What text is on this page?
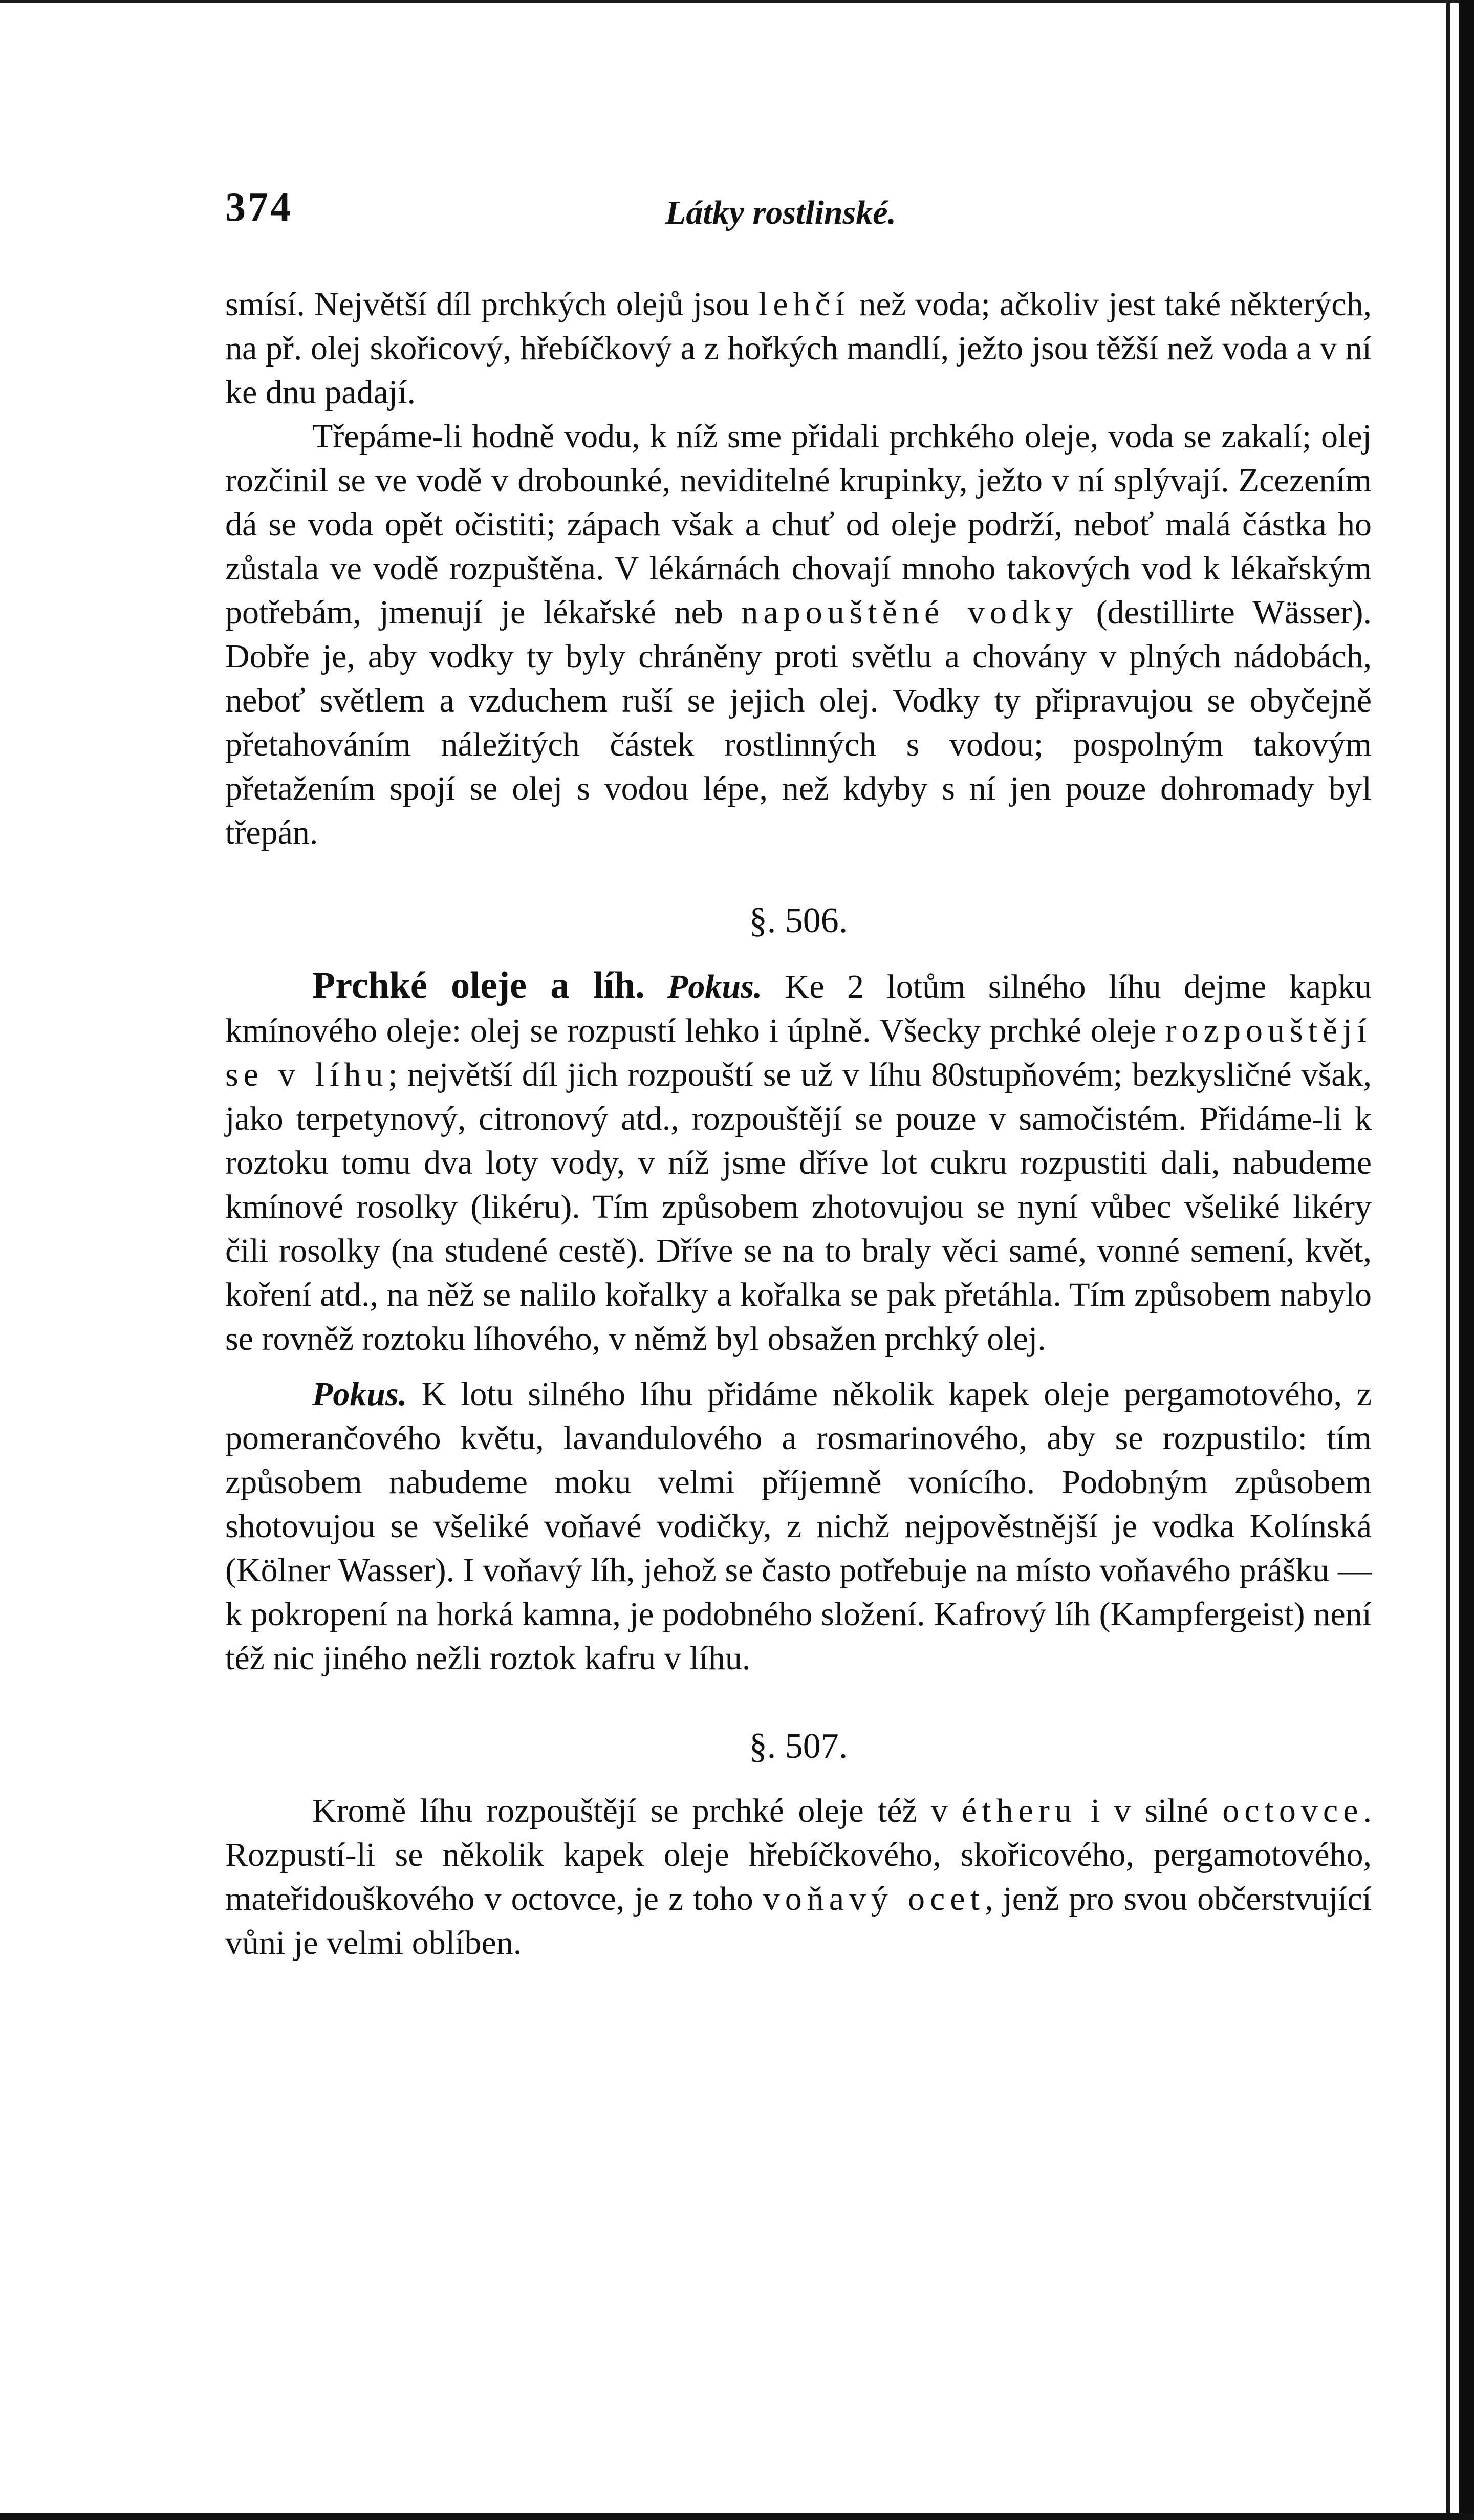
374	Látky rostlinské.

smísí. Největší díl prchkých olejů jsou lehčí než voda; ačkoliv jest také některých, na př. olej skořicový, hřebíčkový a z hořkých mandlí, ježto jsou těžší než voda a v ní ke dnu padají.

Třepáme-li hodně vodu, k níž sme přidali prchkého oleje, voda se zakalí; olej rozčinil se ve vodě v drobounké, neviditelné krupinky, ježto v ní splývají. Zcezením dá se voda opět očistiti; zápach však a chuť od oleje podrží, neboť malá částka ho zůstala ve vodě rozpuštěna. V lékárnách chovají mnoho takových vod k lékařským potřebám, jmenují je lékařské neb napouštěné vodky (destillirte Wässer). Dobře je, aby vodky ty byly chráněny proti světlu a chovány v plných nádobách, neboť světlem a vzduchem ruší se jejich olej. Vodky ty připravujou se obyčejně přetahováním náležitých částek rostlinných s vodou; pospolným takovým přetažením spojí se olej s vodou lépe, než kdyby s ní jen pouze dohromady byl třepán.

§. 506.

Prchké oleje a líh. Pokus. Ke 2 lotům silného líhu dejme kapku kmínového oleje: olej se rozpustí lehko i úplně. Všecky prchké oleje rozpouštějí se v líhu; největší díl jich rozpouští se už v líhu 80stupňovém; bezkysličné však, jako terpetynový, citronový atd., rozpouštějí se pouze v samočistém. Přidáme-li k roztoku tomu dva loty vody, v níž jsme dříve lot cukru rozpustiti dali, nabudeme kmínové rosolky (likéru). Tím způsobem zhotovujou se nyní vůbec všeliké likéry čili rosolky (na studené cestě). Dříve se na to braly věci samé, vonné semení, květ, koření atd., na něž se nalilo kořalky a kořalka se pak přetáhla. Tím způsobem nabylo se rovněž roztoku líhového, v němž byl obsažen prchký olej.

Pokus. K lotu silného líhu přidáme několik kapek oleje pergamotového, z pomerančového květu, lavandulového a rosmarinového, aby se rozpustilo: tím způsobem nabudeme moku velmi příjemně vonícího. Podobným způsobem shotovujou se všeliké voňavé vodičky, z nichž nejpověstnější je vodka Kolínská (Kölner Wasser). I voňavý líh, jehož se často potřebuje na místo voňavého prášku — k pokropení na horká kamna, je podobného složení. Kafrový líh (Kampfergeist) není též nic jiného nežli roztok kafru v líhu.

§. 507.

Kromě líhu rozpouštějí se prchké oleje též v étheru i v silné octovce. Rozpustí-li se několik kapek oleje hřebíčkového, skořicového, pergamotového, mateřidouškového v octovce, je z toho voňavý ocet, jenž pro svou občerstvující vůni je velmi oblíben.
